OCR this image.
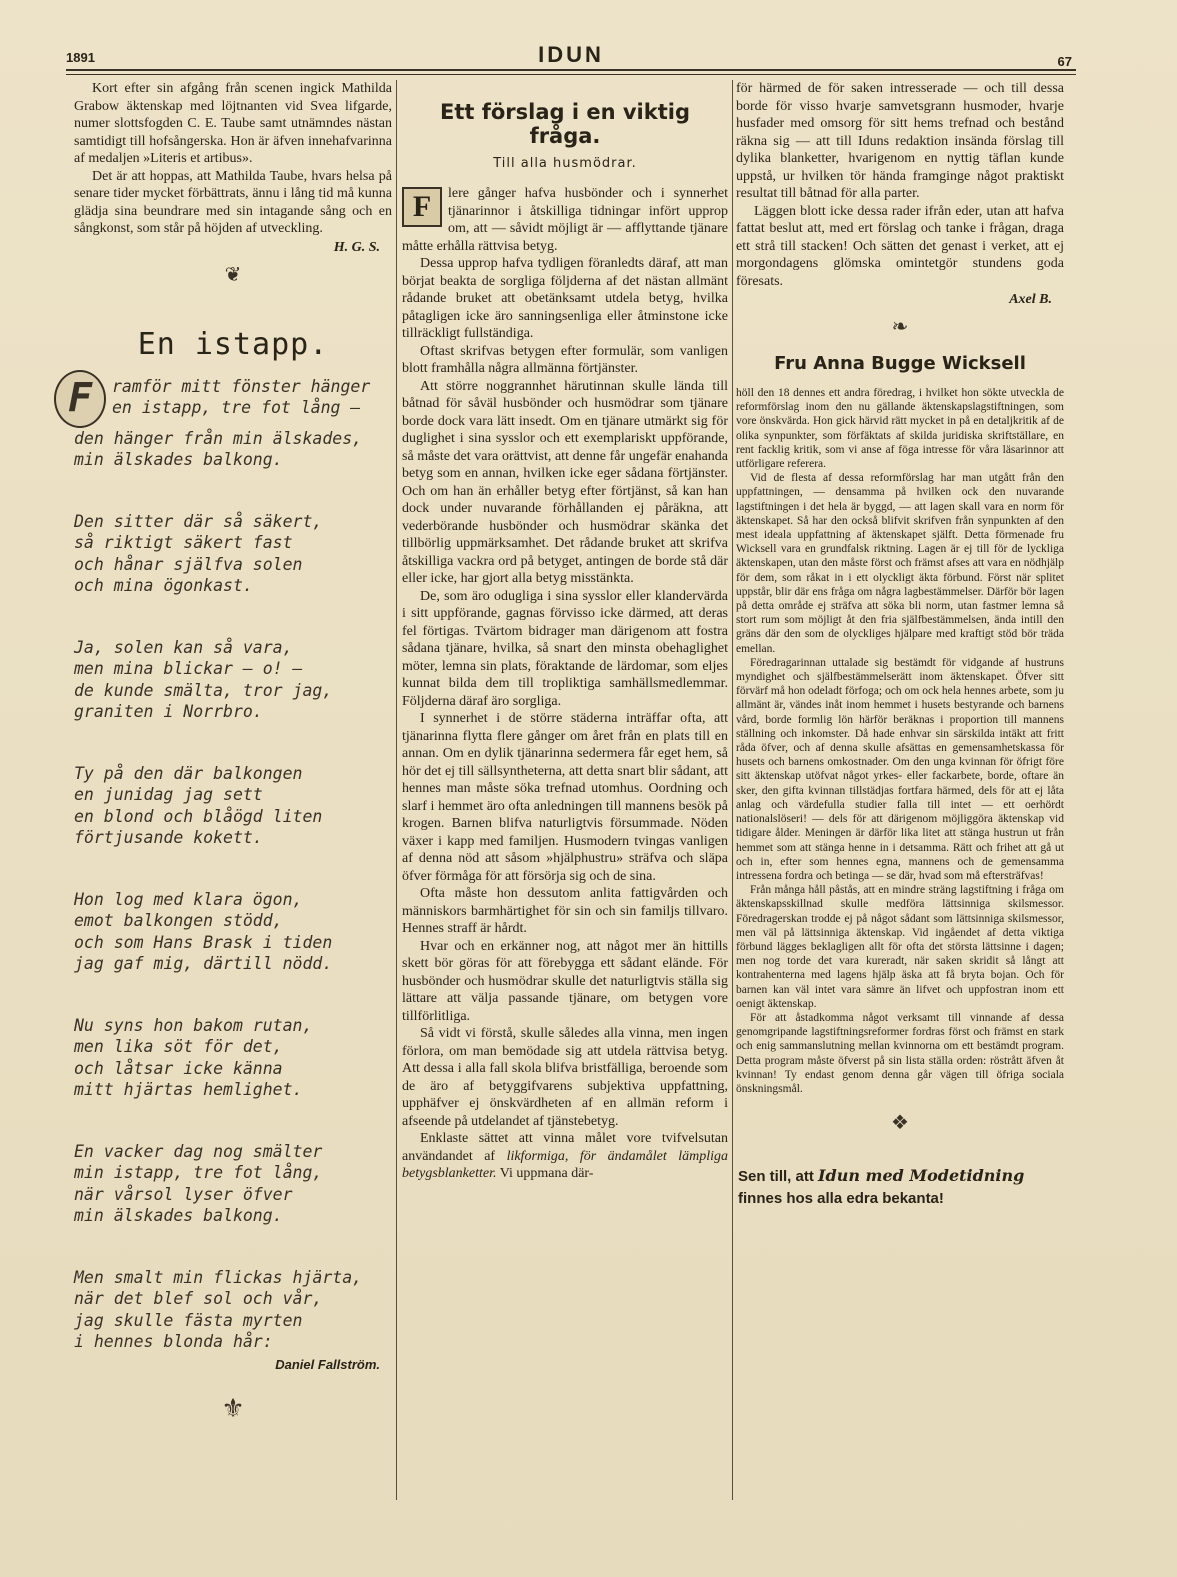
1891	IDUN	67

Kort efter sin afgång från scenen ingick Mathilda Grabow äktenskap med löjtnanten vid Svea lifgarde, numer slottsfogden C. E. Taube samt utnämndes nästan samtidigt till hofsångerska. Hon är äfven innehafvarinna af medaljen »Literis et artibus».

Det är att hoppas, att Mathilda Taube, hvars helsa på senare tider mycket förbättrats, ännu i lång tid må kunna glädja sina beundrare med sin intagande sång och en sångkonst, som står på höjden af utveckling.

H. G. S.
❦
En istapp.
F	ramför mitt fönster hänger
en istapp, tre fot lång —
den hänger från min älskades,
min älskades balkong.
Den sitter där så säkert,
så riktigt säkert fast
och hånar själfva solen
och mina ögonkast.
Ja, solen kan så vara,
men mina blickar — o! —
de kunde smälta, tror jag,
graniten i Norrbro.
Ty på den där balkongen
en junidag jag sett
en blond och blåögd liten
förtjusande kokett.
Hon log med klara ögon,
emot balkongen stödd,
och som Hans Brask i tiden
jag gaf mig, därtill nödd.
Nu syns hon bakom rutan,
men lika söt för det,
och låtsar icke känna
mitt hjärtas hemlighet.
En vacker dag nog smälter
min istapp, tre fot lång,
när vårsol lyser öfver
min älskades balkong.
Men smalt min flickas hjärta,
när det blef sol och vår,
jag skulle fästa myrten
i hennes blonda hår:
Daniel Fallström.
⚜
Ett förslag i en viktig fråga.
Till alla husmödrar.
F	lere gånger hafva husbönder och i synnerhet tjänarinnor i åtskilliga tidningar infört upprop om, att — såvidt möjligt är — afflyttande tjänare måtte erhålla rättvisa betyg.

Dessa upprop hafva tydligen föranledts däraf, att man börjat beakta de sorgliga följderna af det nästan allmänt rådande bruket att obetänksamt utdela betyg, hvilka påtagligen icke äro sanningsenliga eller åtminstone icke tillräckligt fullständiga.

Oftast skrifvas betygen efter formulär, som vanligen blott framhålla några allmänna förtjänster.

Att större noggrannhet härutinnan skulle lända till båtnad för såväl husbönder och husmödrar som tjänare borde dock vara lätt insedt. Om en tjänare utmärkt sig för duglighet i sina sysslor och ett exemplariskt uppförande, så måste det vara orättvist, att denne får ungefär enahanda betyg som en annan, hvilken icke eger sådana förtjänster. Och om han än erhåller betyg efter förtjänst, så kan han dock under nuvarande förhållanden ej påräkna, att vederbörande husbönder och husmödrar skänka det tillbörlig uppmärksamhet. Det rådande bruket att skrifva åtskilliga vackra ord på betyget, antingen de borde stå där eller icke, har gjort alla betyg misstänkta.

De, som äro odugliga i sina sysslor eller klandervärda i sitt uppförande, gagnas förvisso icke därmed, att deras fel förtigas. Tvärtom bidrager man därigenom att fostra sådana tjänare, hvilka, så snart den minsta obehaglighet möter, lemna sin plats, föraktande de lärdomar, som eljes kunnat bilda dem till tropliktiga samhällsmedlemmar. Följderna däraf äro sorgliga.

I synnerhet i de större städerna inträffar ofta, att tjänarinna flytta flere gånger om året från en plats till en annan. Om en dylik tjänarinna sedermera får eget hem, så hör det ej till sällsyntheterna, att detta snart blir sådant, att hennes man måste söka trefnad utomhus. Oordning och slarf i hemmet äro ofta anledningen till mannens besök på krogen. Barnen blifva naturligtvis försummade. Nöden växer i kapp med familjen. Husmodern tvingas vanligen af denna nöd att såsom »hjälphustru» sträfva och släpa öfver förmåga för att försörja sig och de sina.

Ofta måste hon dessutom anlita fattigvården och människors barmhärtighet för sin och sin familjs tillvaro. Hennes straff är hårdt.

Hvar och en erkänner nog, att något mer än hittills skett bör göras för att förebygga ett sådant elände. För husbönder och husmödrar skulle det naturligtvis ställa sig lättare att välja passande tjänare, om betygen vore tillförlitliga.

Så vidt vi förstå, skulle således alla vinna, men ingen förlora, om man bemödade sig att utdela rättvisa betyg. Att dessa i alla fall skola blifva bristfälliga, beroende som de äro af betyggifvarens subjektiva uppfattning, upphäfver ej önskvärdheten af en allmän reform i afseende på utdelandet af tjänstebetyg.

Enklaste sättet att vinna målet vore tvifvelsutan användandet af likformiga, för ändamålet lämpliga betygsblanketter. Vi uppmana där-

för härmed de för saken intresserade — och till dessa borde för visso hvarje samvetsgrann husmoder, hvarje husfader med omsorg för sitt hems trefnad och bestånd räkna sig — att till Iduns redaktion insända förslag till dylika blanketter, hvarigenom en nyttig täflan kunde uppstå, ur hvilken tör hända framginge något praktiskt resultat till båtnad för alla parter.

Läggen blott icke dessa rader ifrån eder, utan att hafva fattat beslut att, med ert förslag och tanke i frågan, draga ett strå till stacken! Och sätten det genast i verket, att ej morgondagens glömska omintetgör stundens goda föresats.

Axel B.
❧
Fru Anna Bugge Wicksell

höll den 18 dennes ett andra föredrag, i hvilket hon sökte utveckla de reformförslag inom den nu gällande äktenskapslagstiftningen, som vore önskvärda. Hon gick härvid rätt mycket in på en detaljkritik af de olika synpunkter, som förfäktats af skilda juridiska skriftställare, en rent facklig kritik, som vi anse af föga intresse för våra läsarinnor att utförligare referera.

Vid de flesta af dessa reformförslag har man utgått från den uppfattningen, — densamma på hvilken ock den nuvarande lagstiftningen i det hela är byggd, — att lagen skall vara en norm för äktenskapet. Så har den också blifvit skrifven från synpunkten af den mest ideala uppfattning af äktenskapet själft. Detta förmenade fru Wicksell vara en grundfalsk riktning. Lagen är ej till för de lyckliga äktenskapen, utan den måste först och främst afses att vara en nödhjälp för dem, som råkat in i ett olyckligt äkta förbund. Först när splitet uppstår, blir där ens fråga om några lagbestämmelser. Därför bör lagen på detta område ej sträfva att söka bli norm, utan fastmer lemna så stort rum som möjligt åt den fria själfbestämmelsen, ända intill den gräns där den som de olyckliges hjälpare med kraftigt stöd bör träda emellan.

Föredragarinnan uttalade sig bestämdt för vidgande af hustruns myndighet och själfbestämmelserätt inom äktenskapet. Öfver sitt förvärf må hon odeladt förfoga; och om ock hela hennes arbete, som ju allmänt är, vändes inåt inom hemmet i husets bestyrande och barnens vård, borde formlig lön härför beräknas i proportion till mannens ställning och inkomster. Då hade enhvar sin särskilda intäkt att fritt råda öfver, och af denna skulle afsättas en gemensamhetskassa för husets och barnens omkostnader. Om den unga kvinnan för öfrigt före sitt äktenskap utöfvat något yrkes- eller fackarbete, borde, oftare än sker, den gifta kvinnan tillstädjas fortfara härmed, dels för att ej låta anlag och värdefulla studier falla till intet — ett oerhördt nationalslöseri! — dels för att därigenom möjliggöra äktenskap vid tidigare ålder. Meningen är därför lika litet att stänga hustrun ut från hemmet som att stänga henne in i detsamma. Rätt och frihet att gå ut och in, efter som hennes egna, mannens och de gemensamma intressena fordra och betinga — se där, hvad som må eftersträfvas!

Från många håll påstås, att en mindre sträng lagstiftning i fråga om äktenskapsskillnad skulle medföra lättsinniga skilsmessor. Föredragerskan trodde ej på något sådant som lättsinniga skilsmessor, men väl på lättsinniga äktenskap. Vid ingåendet af detta viktiga förbund lägges beklagligen allt för ofta det största lättsinne i dagen; men nog torde det vara kureradt, när saken skridit så långt att kontrahenterna med lagens hjälp äska att få bryta bojan. Och för barnen kan väl intet vara sämre än lifvet och uppfostran inom ett oenigt äktenskap.

För att åstadkomma något verksamt till vinnande af dessa genomgripande lagstiftningsreformer fordras först och främst en stark och enig sammanslutning mellan kvinnorna om ett bestämdt program. Detta program måste öfverst på sin lista ställa orden: röstrått äfven åt kvinnan! Ty endast genom denna går vägen till öfriga sociala önskningsmål.

❖
Sen till, att Idun med Modetidning
finnes hos alla edra bekanta!
